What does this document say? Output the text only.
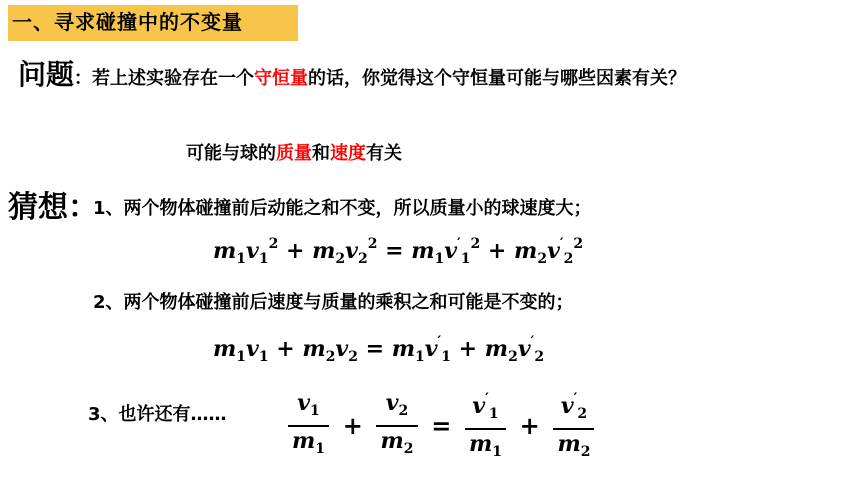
一、寻求碰撞中的不变量
问题：若上述实验存在一个守恒量的话，你觉得这个守恒量可能与哪些因素有关？
可能与球的质量和速度有关
猜想：
1、两个物体碰撞前后动能之和不变，所以质量小的球速度大；
$m_1v_1^2 + m_2v_2^2 = m_1v'_1^2 + m_2v'_2^2$
2、两个物体碰撞前后速度与质量的乘积之和可能是不变的；
$m_1v_1 + m_2v_2 = m_1v'_1 + m_2v'_2$
3、也许还有……	$\frac{v_1}{m_1} + \frac{v_2}{m_2} = \frac{v'_1}{m_1} + \frac{v'_2}{m_2}$
